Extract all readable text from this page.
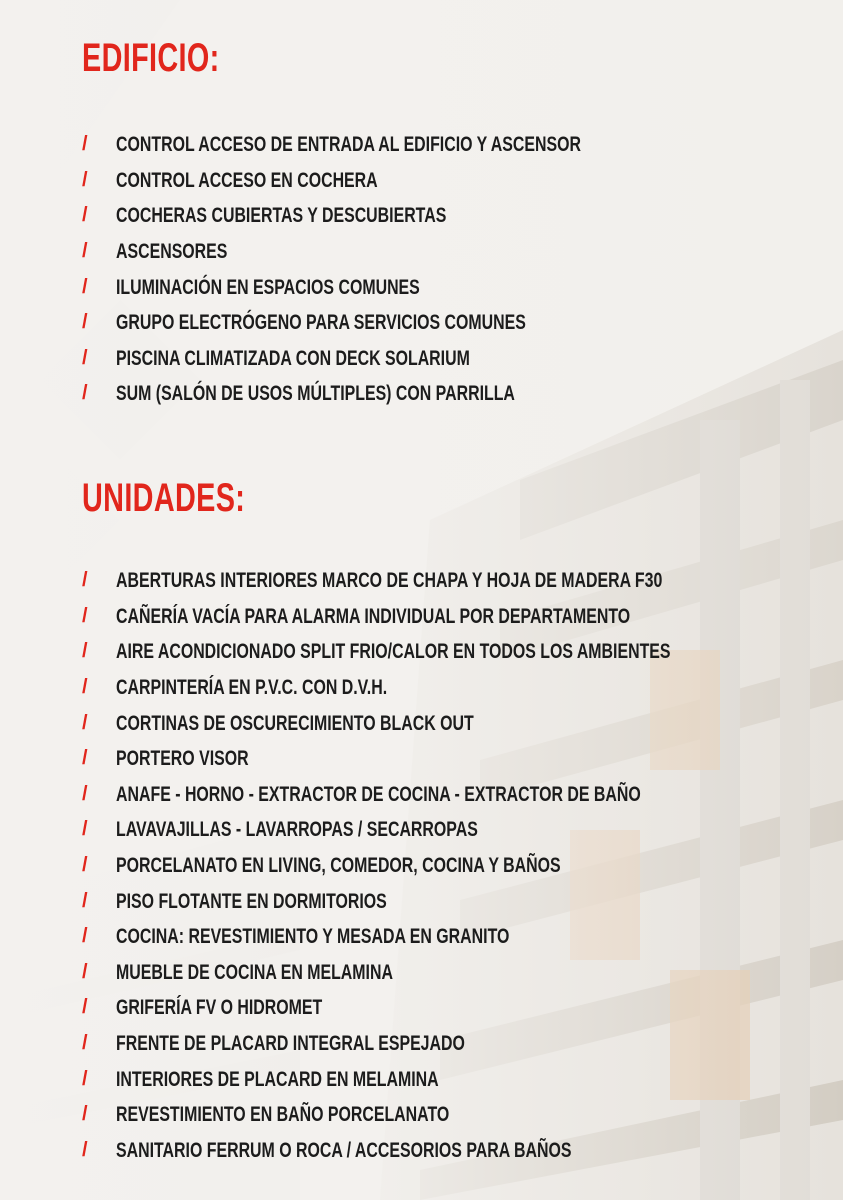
EDIFICIO:
/	CONTROL ACCESO DE ENTRADA AL EDIFICIO Y ASCENSOR
/	CONTROL ACCESO EN COCHERA
/	COCHERAS CUBIERTAS Y DESCUBIERTAS
/	ASCENSORES
/	ILUMINACIÓN EN ESPACIOS COMUNES
/	GRUPO ELECTRÓGENO PARA SERVICIOS COMUNES
/	PISCINA CLIMATIZADA CON DECK SOLARIUM
/	SUM (SALÓN DE USOS MÚLTIPLES) CON PARRILLA
UNIDADES:
/	ABERTURAS INTERIORES MARCO DE CHAPA Y HOJA DE MADERA F30
/	CAÑERÍA VACÍA PARA ALARMA INDIVIDUAL POR DEPARTAMENTO
/	AIRE ACONDICIONADO SPLIT FRIO/CALOR EN TODOS LOS AMBIENTES
/	CARPINTERÍA EN P.V.C. CON D.V.H.
/	CORTINAS DE OSCURECIMIENTO BLACK OUT
/	PORTERO VISOR
/	ANAFE - HORNO - EXTRACTOR DE COCINA - EXTRACTOR DE BAÑO
/	LAVAVAJILLAS - LAVARROPAS / SECARROPAS
/	PORCELANATO EN LIVING, COMEDOR, COCINA Y BAÑOS
/	PISO FLOTANTE EN DORMITORIOS
/	COCINA: REVESTIMIENTO Y MESADA EN GRANITO
/	MUEBLE DE COCINA EN MELAMINA
/	GRIFERÍA FV O HIDROMET
/	FRENTE DE PLACARD INTEGRAL ESPEJADO
/	INTERIORES DE PLACARD EN MELAMINA
/	REVESTIMIENTO EN BAÑO PORCELANATO
/	SANITARIO FERRUM O ROCA / ACCESORIOS PARA BAÑOS
